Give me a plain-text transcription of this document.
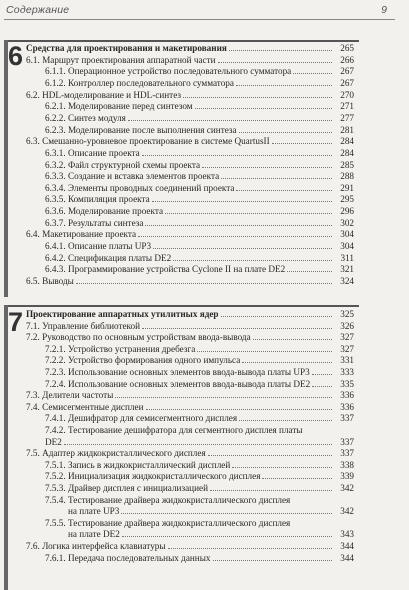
Содержание	9
6 Средства для проектирования и макетирования	265
6.1. Маршрут проектирования аппаратной части	266
6.1.1. Операционное устройство последовательного сумматора	267
6.1.2. Контроллер последовательного сумматора	267
6.2. HDL-моделирование и HDL-синтез	270
6.2.1. Моделирование перед синтезом	271
6.2.2. Синтез модуля	277
6.2.3. Моделирование после выполнения синтеза	281
6.3. Смешанно-уровневое проектирование в системе QuartusII	284
6.3.1. Описание проекта	284
6.3.2. Файл структурной схемы проекта	285
6.3.3. Создание и вставка элементов проекта	288
6.3.4. Элементы проводных соединений проекта	291
6.3.5. Компиляция проекта	295
6.3.6. Моделирование проекта	296
6.3.7. Результаты синтеза	302
6.4. Макетирование проекта	304
6.4.1. Описание платы UP3	304
6.4.2. Спецификация платы DE2	311
6.4.3. Программирование устройства Cyclone II на плате DE2	321
6.5. Выводы	324
7 Проектирование аппаратных утилитных ядер	325
7.1. Управление библиотекой	326
7.2. Руководство по основным устройствам ввода-вывода	327
7.2.1. Устройство устранения дребезга	327
7.2.2. Устройство формирования одного импульса	331
7.2.3. Использование основных элементов ввода-вывода платы UP3	333
7.2.4. Использование основных элементов ввода-вывода платы DE2	335
7.3. Делители частоты	336
7.4. Семисегментные дисплеи	336
7.4.1. Дешифратор для семисегментного дисплея	337
7.4.2. Тестирование дешифратора для сегментного дисплея платы
DE2	337
7.5. Адаптер жидкокристаллического дисплея	337
7.5.1. Запись в жидкокристаллический дисплей	338
7.5.2. Инициализация жидкокристаллического дисплея	339
7.5.3. Драйвер дисплея с инициализацией	342
7.5.4. Тестирование драйвера жидкокристаллического дисплея
на плате UP3	342
7.5.5. Тестирование драйвера жидкокристаллического дисплея
на плате DE2	343
7.6. Логика интерфейса клавиатуры	344
7.6.1. Передача последовательных данных	344
